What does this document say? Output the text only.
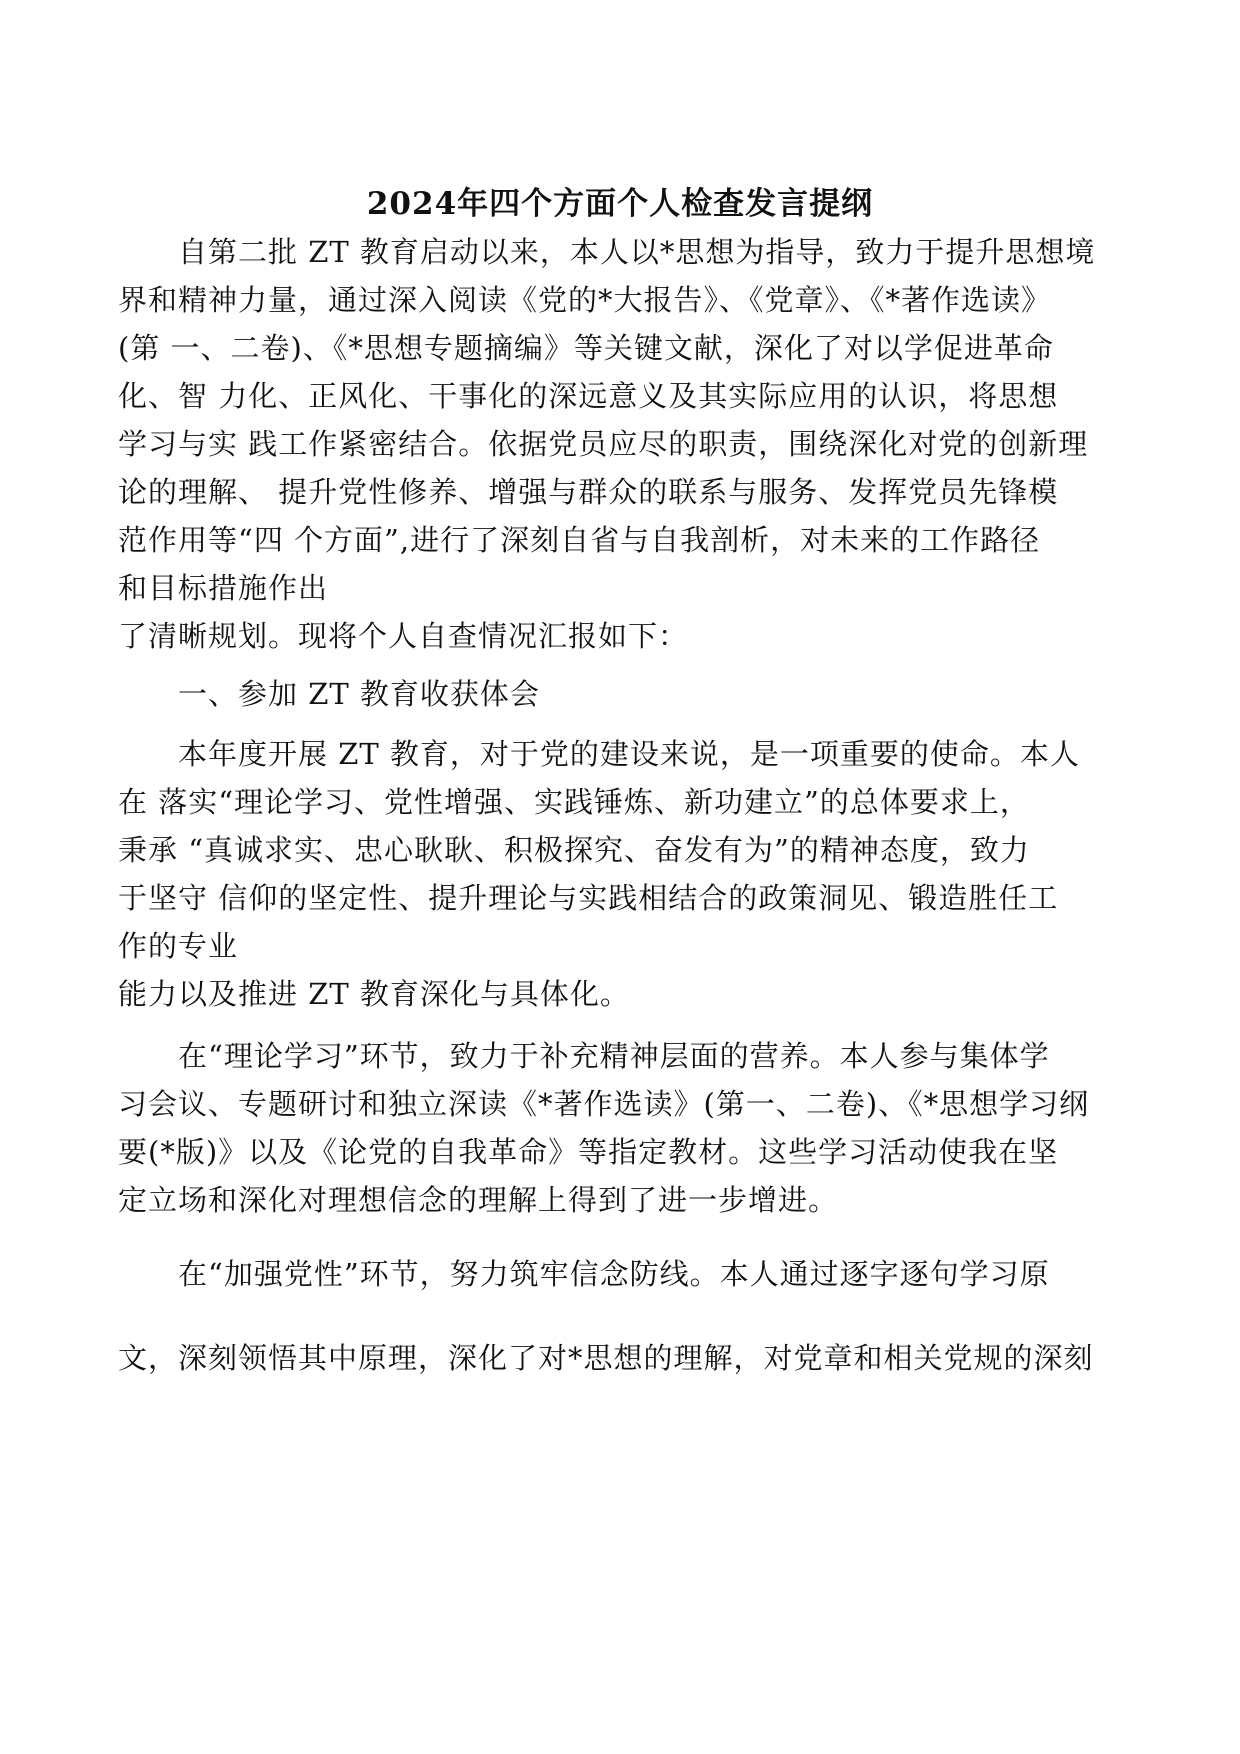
2024年四个方面个人检查发言提纲

自第二批 ZT 教育启动以来，本人以*思想为指导，致力于提升思想境

界和精神力量，通过深入阅读《党的*大报告》、《党章》、《*著作选读》

(第 一、二卷)、《*思想专题摘编》等关键文献，深化了对以学促进革命

化、智 力化、正风化、干事化的深远意义及其实际应用的认识，将思想

学习与实 践工作紧密结合。依据党员应尽的职责，围绕深化对党的创新理

论的理解、 提升党性修养、增强与群众的联系与服务、发挥党员先锋模

范作用等“四 个方面”,进行了深刻自省与自我剖析，对未来的工作路径

和目标措施作出

了清晰规划。现将个人自查情况汇报如下：

一、参加 ZT 教育收获体会

本年度开展 ZT 教育，对于党的建设来说，是一项重要的使命。本人

在 落实“理论学习、党性增强、实践锤炼、新功建立”的总体要求上，

秉承 “真诚求实、忠心耿耿、积极探究、奋发有为”的精神态度，致力

于坚守 信仰的坚定性、提升理论与实践相结合的政策洞见、锻造胜任工

作的专业

能力以及推进 ZT 教育深化与具体化。

在“理论学习”环节，致力于补充精神层面的营养。本人参与集体学

习会议、专题研讨和独立深读《*著作选读》(第一、二卷)、《*思想学习纲

要(*版)》以及《论党的自我革命》等指定教材。这些学习活动使我在坚

定立场和深化对理想信念的理解上得到了进一步增进。

在“加强党性”环节，努力筑牢信念防线。本人通过逐字逐句学习原

文，深刻领悟其中原理，深化了对*思想的理解，对党章和相关党规的深刻
